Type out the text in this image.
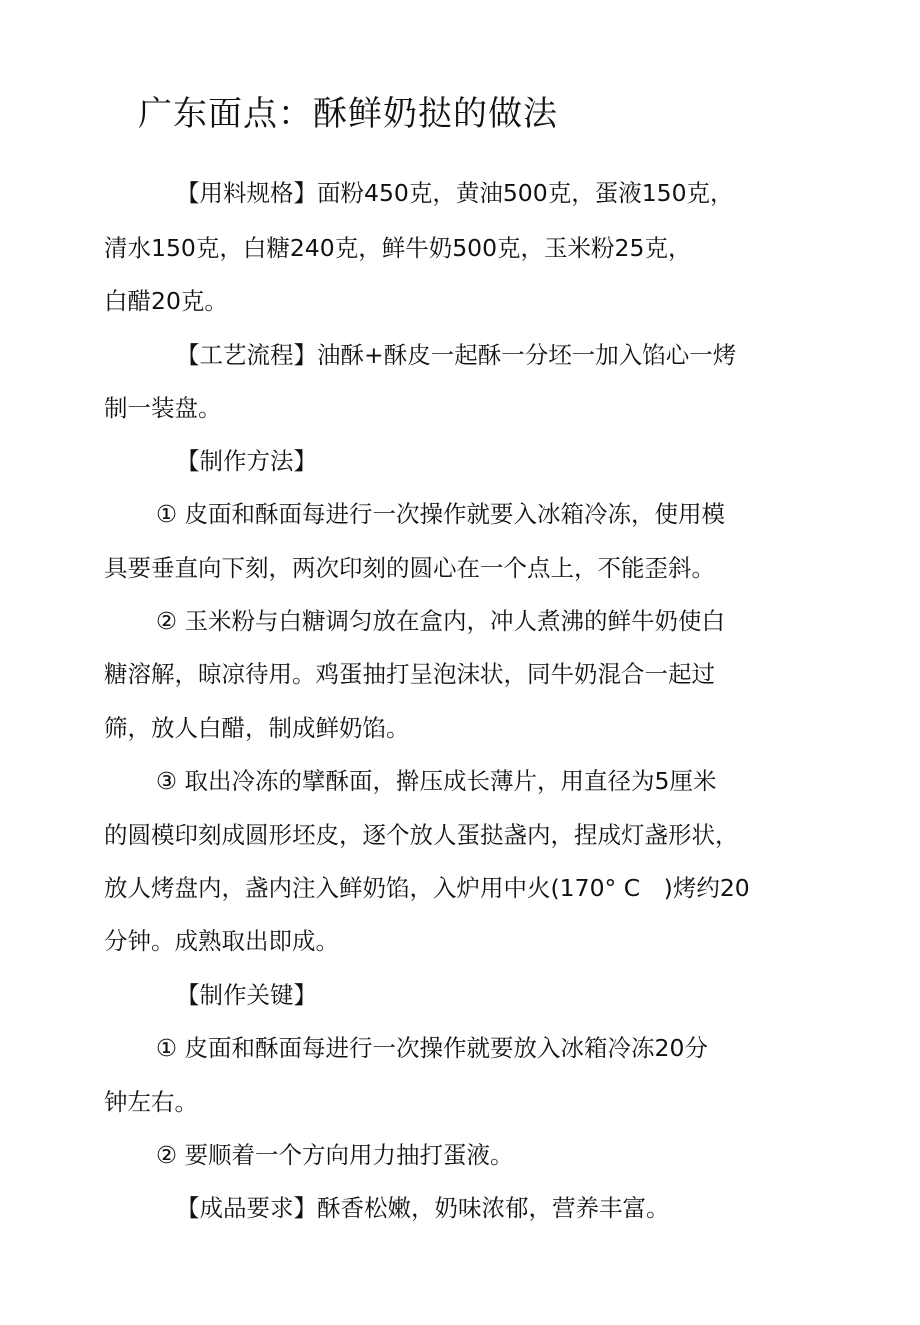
广东面点：酥鲜奶挞的做法
【用料规格】面粉450克，黄油500克，蛋液150克，
清水150克，白糖240克，鲜牛奶500克，玉米粉25克，
白醋20克。
【工艺流程】油酥+酥皮一起酥一分坯一加入馅心一烤
制一装盘。
【制作方法】
① 皮面和酥面每进行一次操作就要入冰箱冷冻，使用模
具要垂直向下刻，两次印刻的圆心在一个点上，不能歪斜。
② 玉米粉与白糖调匀放在盒内，冲人煮沸的鲜牛奶使白
糖溶解，晾凉待用。鸡蛋抽打呈泡沫状，同牛奶混合一起过
筛，放人白醋，制成鲜奶馅。
③ 取出冷冻的擘酥面，擀压成长薄片，用直径为5厘米
的圆模印刻成圆形坯皮，逐个放人蛋挞盏内，捏成灯盏形状，
放人烤盘内，盏内注入鲜奶馅，入炉用中火(170° C　)烤约20
分钟。成熟取出即成。
【制作关键】
① 皮面和酥面每进行一次操作就要放入冰箱冷冻20分
钟左右。
② 要顺着一个方向用力抽打蛋液。
【成品要求】酥香松嫩，奶味浓郁，营养丰富。
